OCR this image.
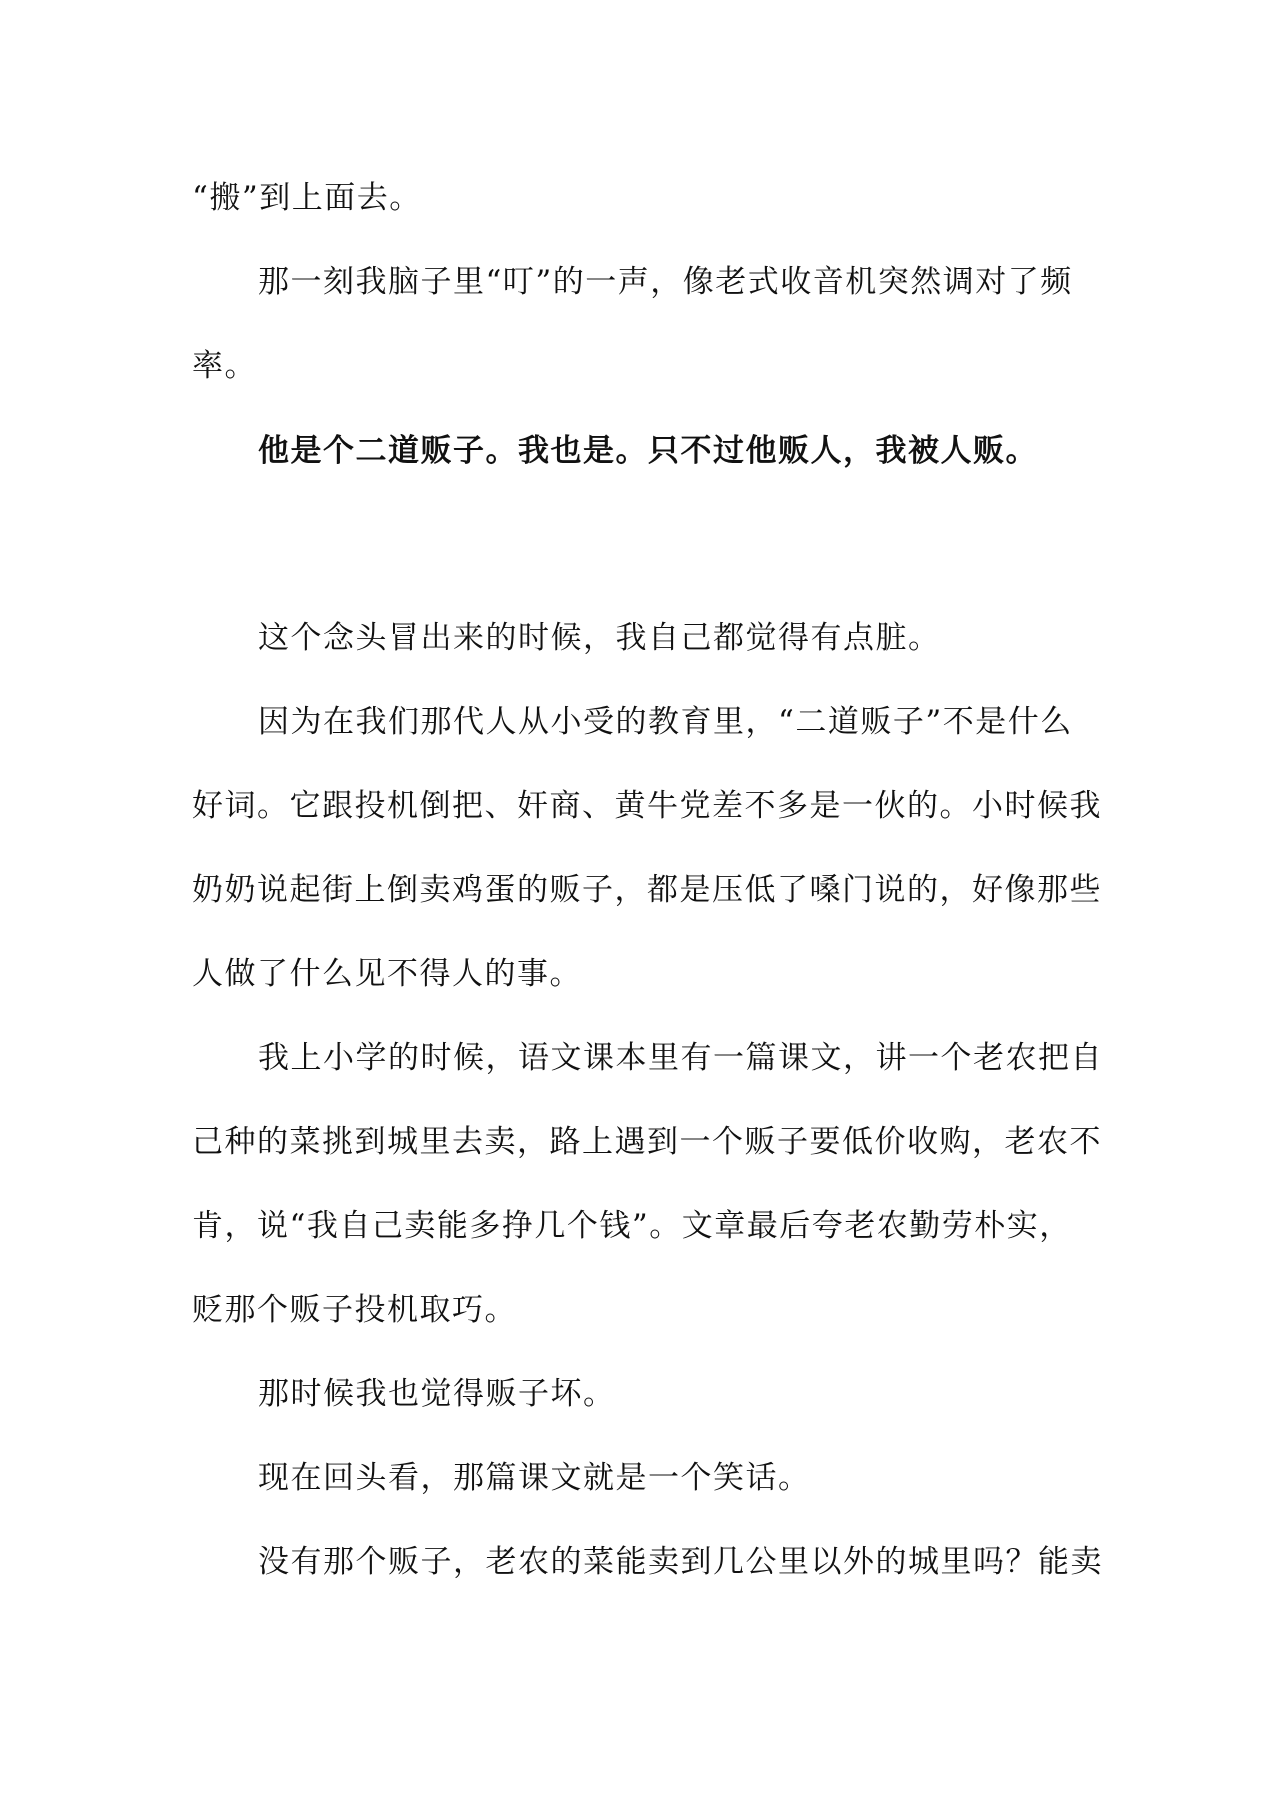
“搬”到上面去。
那一刻我脑子里“叮”的一声，像老式收音机突然调对了频
率。
他是个二道贩子。我也是。只不过他贩人，我被人贩。
这个念头冒出来的时候，我自己都觉得有点脏。
因为在我们那代人从小受的教育里，“二道贩子”不是什么
好词。它跟投机倒把、奸商、黄牛党差不多是一伙的。小时候我
奶奶说起街上倒卖鸡蛋的贩子，都是压低了嗓门说的，好像那些
人做了什么见不得人的事。
我上小学的时候，语文课本里有一篇课文，讲一个老农把自
己种的菜挑到城里去卖，路上遇到一个贩子要低价收购，老农不
肯，说“我自己卖能多挣几个钱”。文章最后夸老农勤劳朴实，
贬那个贩子投机取巧。
那时候我也觉得贩子坏。
现在回头看，那篇课文就是一个笑话。
没有那个贩子，老农的菜能卖到几公里以外的城里吗？能卖
